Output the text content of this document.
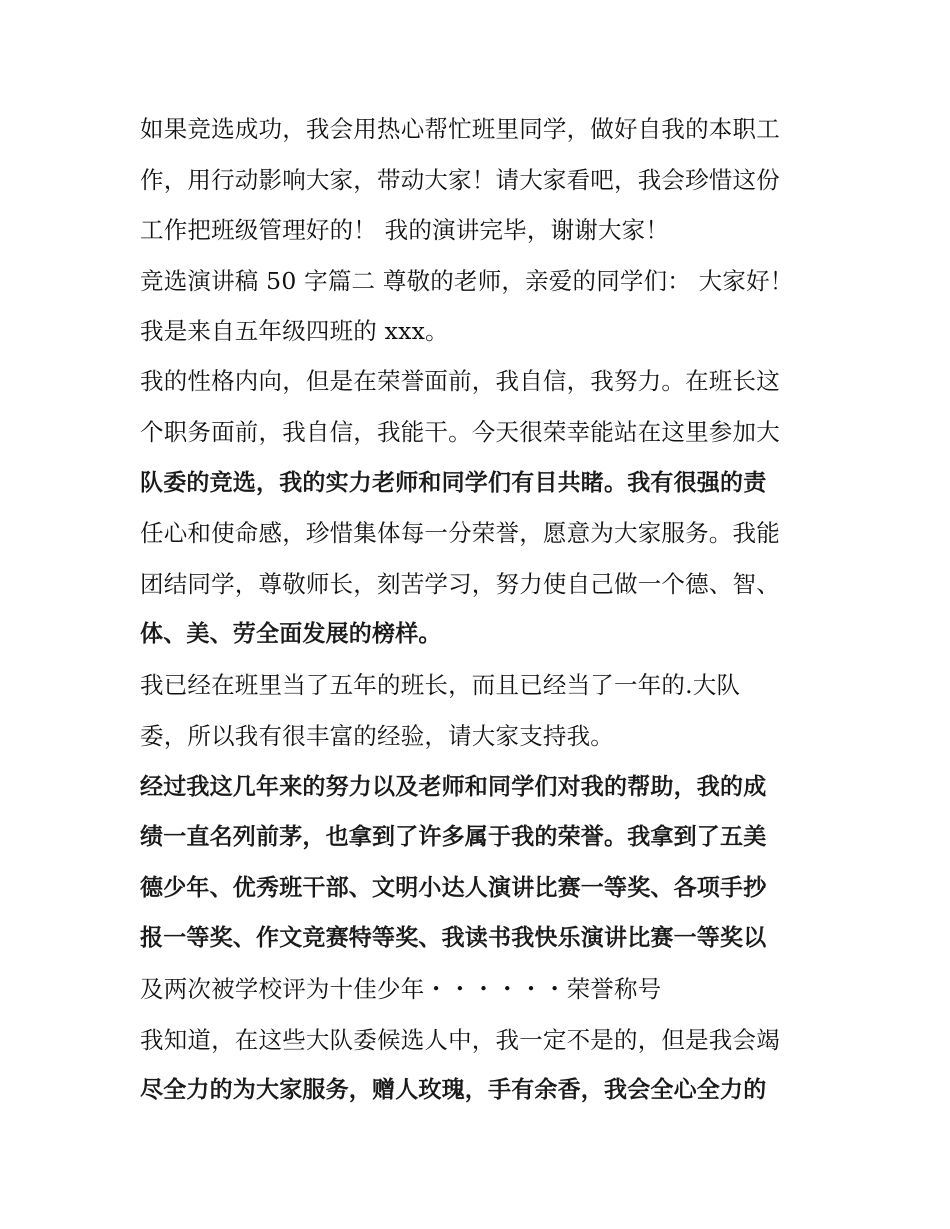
如果竞选成功，我会用热心帮忙班里同学，做好自我的本职工
作，用行动影响大家，带动大家！请大家看吧，我会珍惜这份
工作把班级管理好的！ 我的演讲完毕，谢谢大家！
竞选演讲稿 50 字篇二 尊敬的老师，亲爱的同学们： 大家好！
我是来自五年级四班的 xxx。
我的性格内向，但是在荣誉面前，我自信，我努力。在班长这
个职务面前，我自信，我能干。今天很荣幸能站在这里参加大
队委的竞选，我的实力老师和同学们有目共睹。我有很强的责
任心和使命感，珍惜集体每一分荣誉，愿意为大家服务。我能
团结同学，尊敬师长，刻苦学习，努力使自己做一个德、智、
体、美、劳全面发展的榜样。
我已经在班里当了五年的班长，而且已经当了一年的.大队
委，所以我有很丰富的经验，请大家支持我。
经过我这几年来的努力以及老师和同学们对我的帮助，我的成
绩一直名列前茅，也拿到了许多属于我的荣誉。我拿到了五美
德少年、优秀班干部、文明小达人演讲比赛一等奖、各项手抄
报一等奖、作文竞赛特等奖、我读书我快乐演讲比赛一等奖以
及两次被学校评为十佳少年・・・・・・荣誉称号
我知道，在这些大队委候选人中，我一定不是的，但是我会竭
尽全力的为大家服务，赠人玫瑰，手有余香，我会全心全力的
